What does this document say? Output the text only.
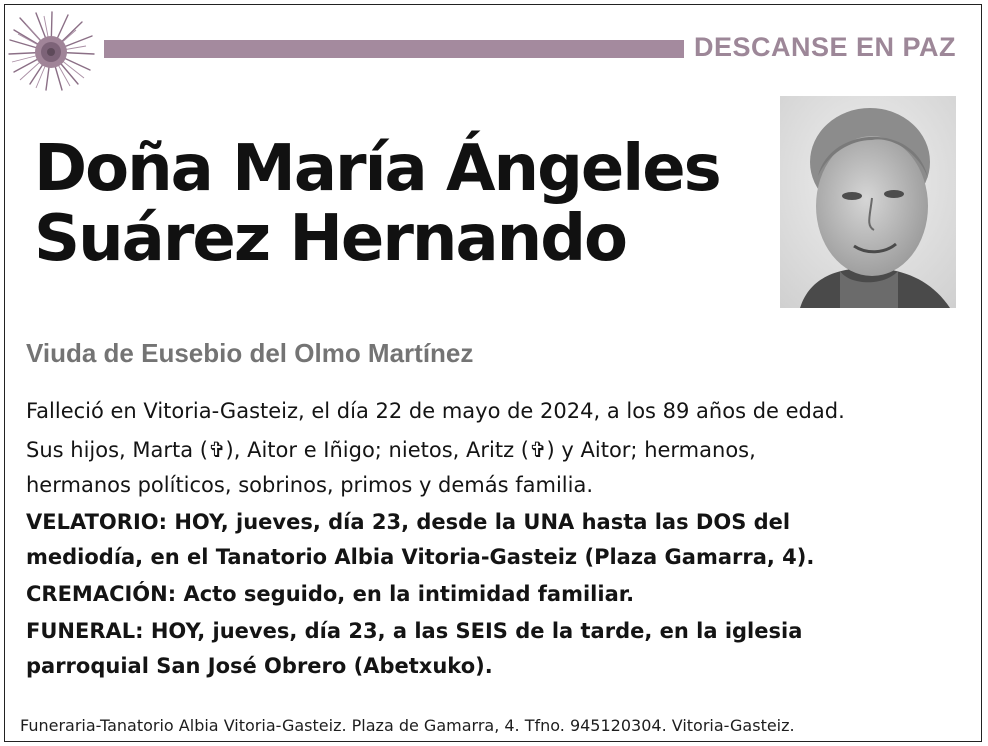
DESCANSE EN PAZ
Doña María Ángeles
Suárez Hernando
Viuda de Eusebio del Olmo Martínez
Falleció en Vitoria-Gasteiz, el día 22 de mayo de 2024, a los 89 años de edad.
Sus hijos, Marta (✞), Aitor e Iñigo; nietos, Aritz (✞) y Aitor; hermanos,
hermanos políticos, sobrinos, primos y demás familia.
VELATORIO: HOY, jueves, día 23, desde la UNA hasta las DOS del
mediodía, en el Tanatorio Albia Vitoria-Gasteiz (Plaza Gamarra, 4).
CREMACIÓN: Acto seguido, en la intimidad familiar.
FUNERAL: HOY, jueves, día 23, a las SEIS de la tarde, en la iglesia
parroquial San José Obrero (Abetxuko).
Funeraria-Tanatorio Albia Vitoria-Gasteiz. Plaza de Gamarra, 4. Tfno. 945120304. Vitoria-Gasteiz.
